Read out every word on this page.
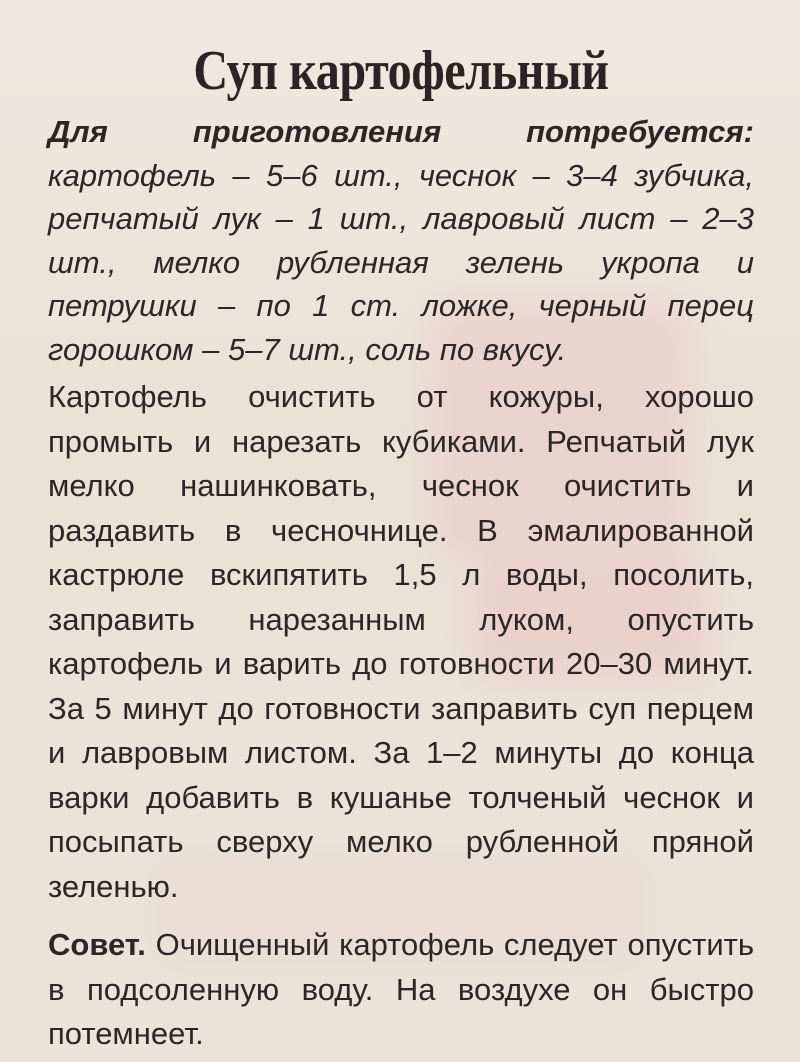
Суп картофельный

Для приготовления потребуется: картофель – 5–6 шт., чеснок – 3–4 зубчика, репчатый лук – 1 шт., лавровый лист – 2–3 шт., мелко рубленная зелень укропа и петрушки – по 1 ст. ложке, черный перец горошком – 5–7 шт., соль по вкусу.

Картофель очистить от кожуры, хорошо промыть и нарезать кубиками. Репчатый лук мелко нашинковать, чеснок очистить и раздавить в чесночнице. В эмалированной кастрюле вскипятить 1,5 л воды, посолить, заправить нарезанным луком, опустить картофель и варить до готовности 20–30 минут. За 5 минут до готовности заправить суп перцем и лавровым листом. За 1–2 минуты до конца варки добавить в кушанье толченый чеснок и посыпать сверху мелко рубленной пряной зеленью.

Совет. Очищенный картофель следует опустить в подсоленную воду. На воздухе он быстро потемнеет.
